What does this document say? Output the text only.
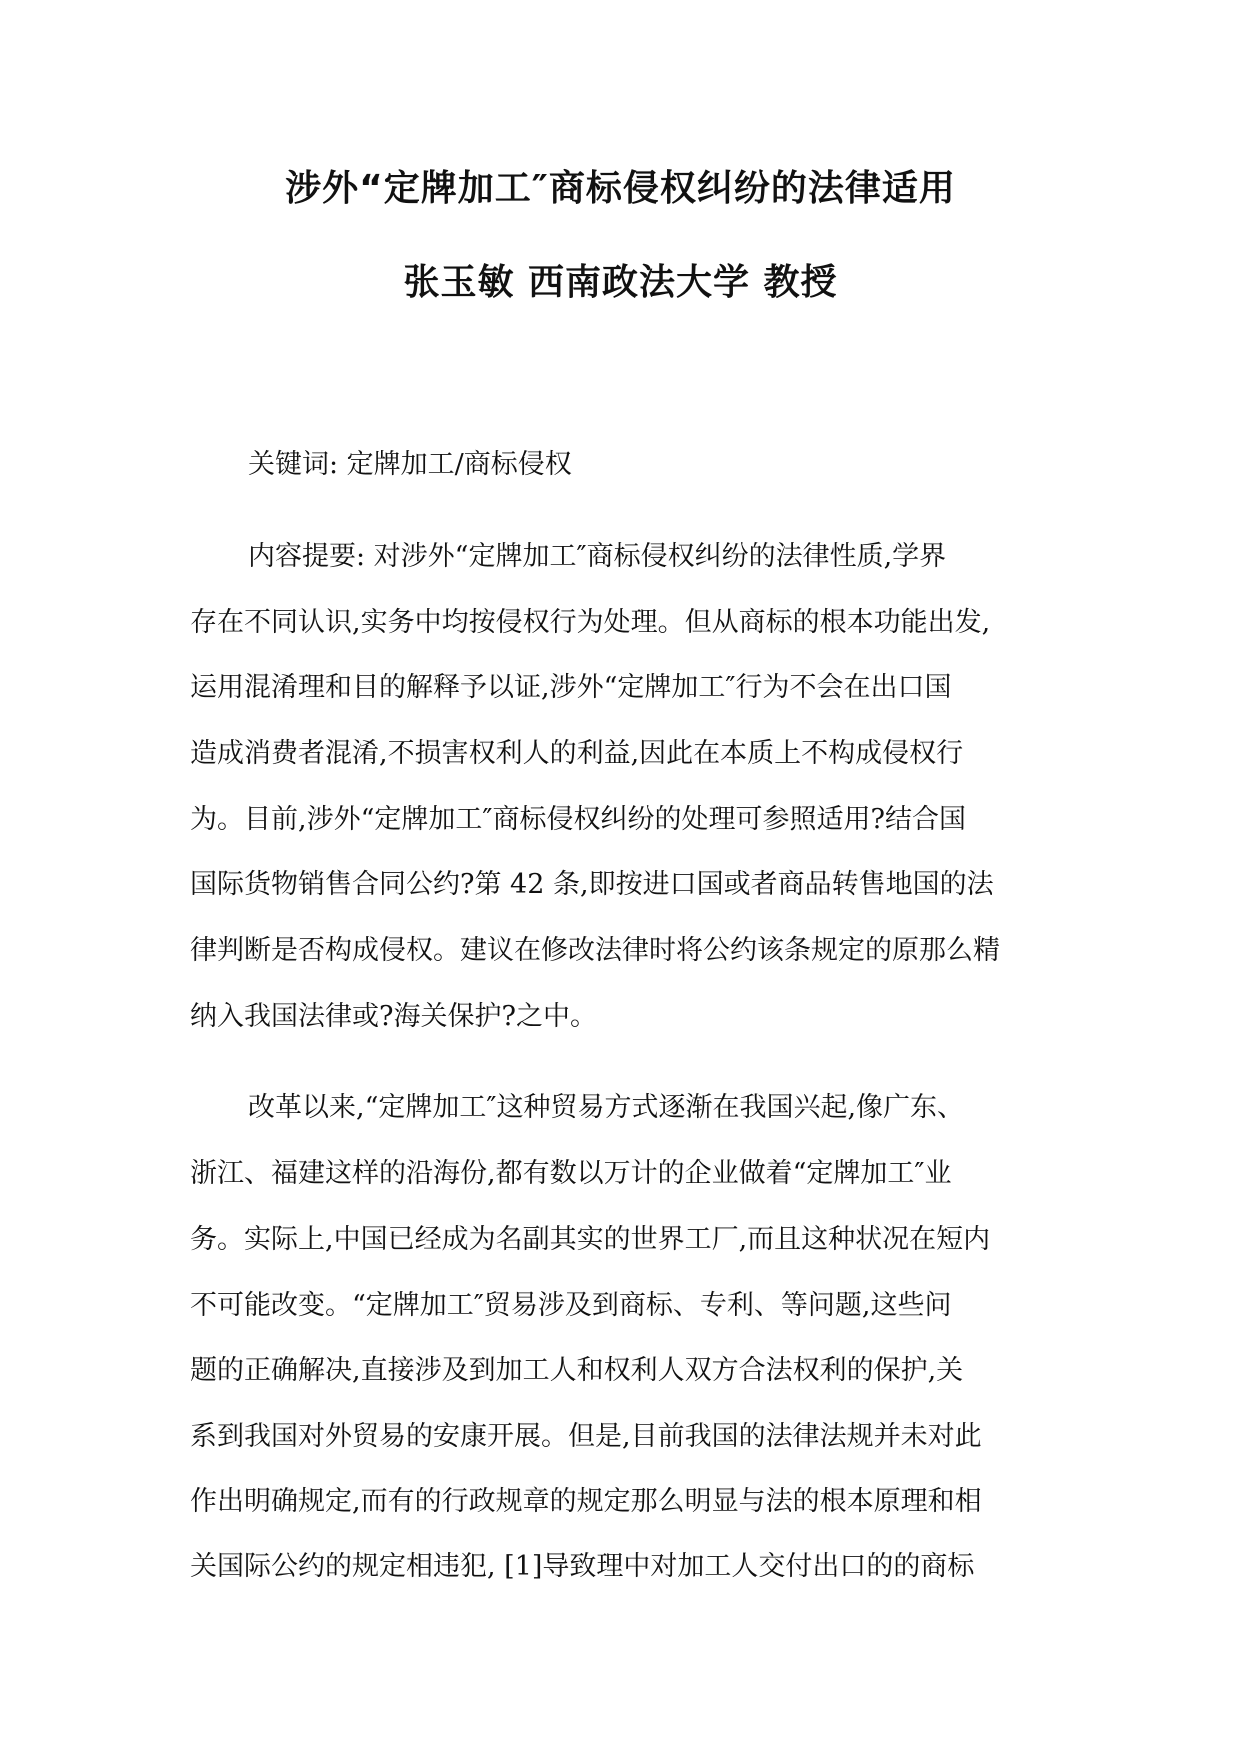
涉外“定牌加工″商标侵权纠纷的法律适用
张玉敏 西南政法大学 教授
关键词: 定牌加工/商标侵权
内容提要: 对涉外“定牌加工″商标侵权纠纷的法律性质,学界
存在不同认识,实务中均按侵权行为处理。但从商标的根本功能出发,
运用混淆理和目的解释予以证,涉外“定牌加工″行为不会在出口国
造成消费者混淆,不损害权利人的利益,因此在本质上不构成侵权行
为。目前,涉外“定牌加工″商标侵权纠纷的处理可参照适用?结合国
国际货物销售合同公约?第 42 条,即按进口国或者商品转售地国的法
律判断是否构成侵权。建议在修改法律时将公约该条规定的原那么精
纳入我国法律或?海关保护?之中。
改革以来,“定牌加工″这种贸易方式逐渐在我国兴起,像广东、
浙江、福建这样的沿海份,都有数以万计的企业做着“定牌加工″业
务。实际上,中国已经成为名副其实的世界工厂,而且这种状况在短内
不可能改变。“定牌加工″贸易涉及到商标、专利、等问题,这些问
题的正确解决,直接涉及到加工人和权利人双方合法权利的保护,关
系到我国对外贸易的安康开展。但是,目前我国的法律法规并未对此
作出明确规定,而有的行政规章的规定那么明显与法的根本原理和相
关国际公约的规定相违犯, [1]导致理中对加工人交付出口的的商标
